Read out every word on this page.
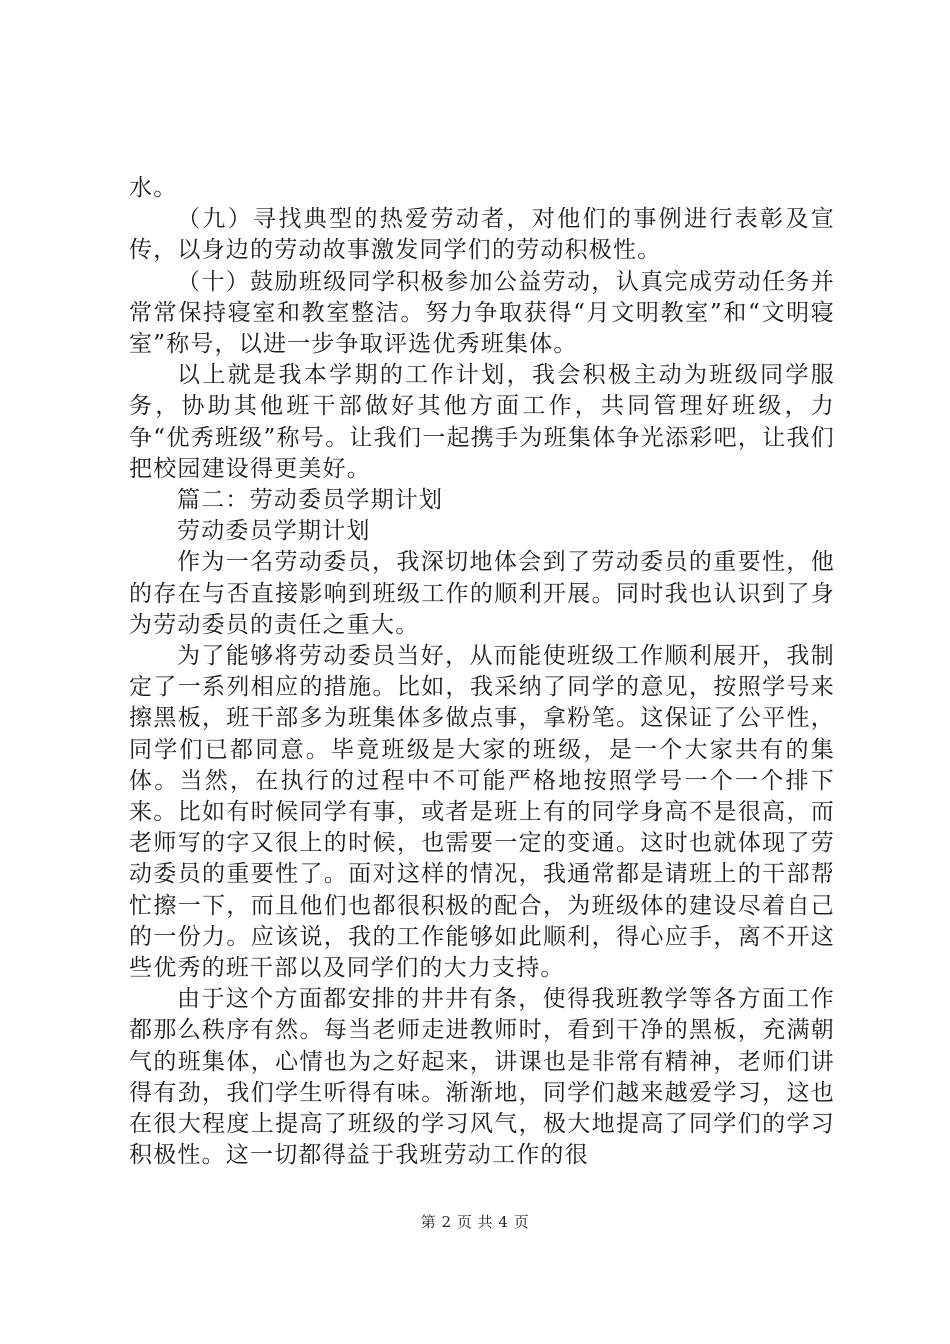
水。

（九）寻找典型的热爱劳动者，对他们的事例进行表彰及宣传，以身边的劳动故事激发同学们的劳动积极性。

（十）鼓励班级同学积极参加公益劳动，认真完成劳动任务并常常保持寝室和教室整洁。努力争取获得“月文明教室”和“文明寝室”称号，以进一步争取评选优秀班集体。

以上就是我本学期的工作计划，我会积极主动为班级同学服务，协助其他班干部做好其他方面工作，共同管理好班级，力争“优秀班级”称号。让我们一起携手为班集体争光添彩吧，让我们把校园建设得更美好。

篇二：劳动委员学期计划

劳动委员学期计划

作为一名劳动委员，我深切地体会到了劳动委员的重要性，他的存在与否直接影响到班级工作的顺利开展。同时我也认识到了身为劳动委员的责任之重大。

为了能够将劳动委员当好，从而能使班级工作顺利展开，我制定了一系列相应的措施。比如，我采纳了同学的意见，按照学号来擦黑板，班干部多为班集体多做点事，拿粉笔。这保证了公平性，同学们已都同意。毕竟班级是大家的班级，是一个大家共有的集体。当然，在执行的过程中不可能严格地按照学号一个一个排下来。比如有时候同学有事，或者是班上有的同学身高不是很高，而老师写的字又很上的时候，也需要一定的变通。这时也就体现了劳动委员的重要性了。面对这样的情况，我通常都是请班上的干部帮忙擦一下，而且他们也都很积极的配合，为班级体的建设尽着自己的一份力。应该说，我的工作能够如此顺利，得心应手，离不开这些优秀的班干部以及同学们的大力支持。

由于这个方面都安排的井井有条，使得我班教学等各方面工作都那么秩序有然。每当老师走进教师时，看到干净的黑板，充满朝气的班集体，心情也为之好起来，讲课也是非常有精神，老师们讲得有劲，我们学生听得有味。渐渐地，同学们越来越爱学习，这也在很大程度上提高了班级的学习风气，极大地提高了同学们的学习积极性。这一切都得益于我班劳动工作的很

第 2 页 共 4 页
